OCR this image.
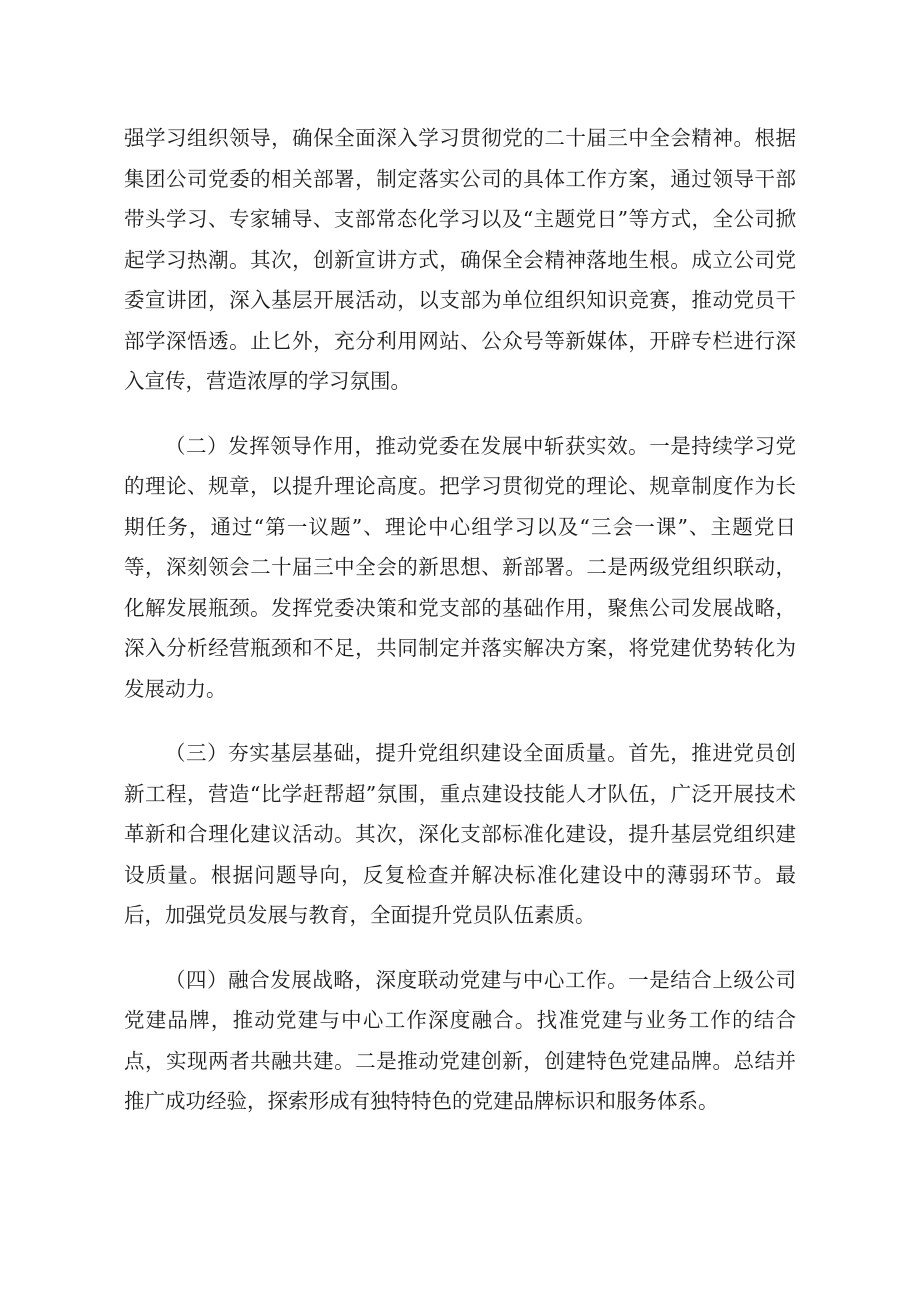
强学习组织领导，确保全面深入学习贯彻党的二十届三中全会精神。根据集团公司党委的相关部署，制定落实公司的具体工作方案，通过领导干部带头学习、专家辅导、支部常态化学习以及“主题党日”等方式，全公司掀起学习热潮。其次，创新宣讲方式，确保全会精神落地生根。成立公司党委宣讲团，深入基层开展活动，以支部为单位组织知识竞赛，推动党员干部学深悟透。止匕外，充分利用网站、公众号等新媒体，开辟专栏进行深入宣传，营造浓厚的学习氛围。

（二）发挥领导作用，推动党委在发展中斩获实效。一是持续学习党的理论、规章，以提升理论高度。把学习贯彻党的理论、规章制度作为长期任务，通过“第一议题”、理论中心组学习以及“三会一课”、主题党日等，深刻领会二十届三中全会的新思想、新部署。二是两级党组织联动，化解发展瓶颈。发挥党委决策和党支部的基础作用，聚焦公司发展战略，深入分析经营瓶颈和不足，共同制定并落实解决方案，将党建优势转化为发展动力。

（三）夯实基层基础，提升党组织建设全面质量。首先，推进党员创新工程，营造“比学赶帮超”氛围，重点建设技能人才队伍，广泛开展技术革新和合理化建议活动。其次，深化支部标准化建设，提升基层党组织建设质量。根据问题导向，反复检查并解决标准化建设中的薄弱环节。最后，加强党员发展与教育，全面提升党员队伍素质。

（四）融合发展战略，深度联动党建与中心工作。一是结合上级公司党建品牌，推动党建与中心工作深度融合。找准党建与业务工作的结合点，实现两者共融共建。二是推动党建创新，创建特色党建品牌。总结并推广成功经验，探索形成有独特特色的党建品牌标识和服务体系。
